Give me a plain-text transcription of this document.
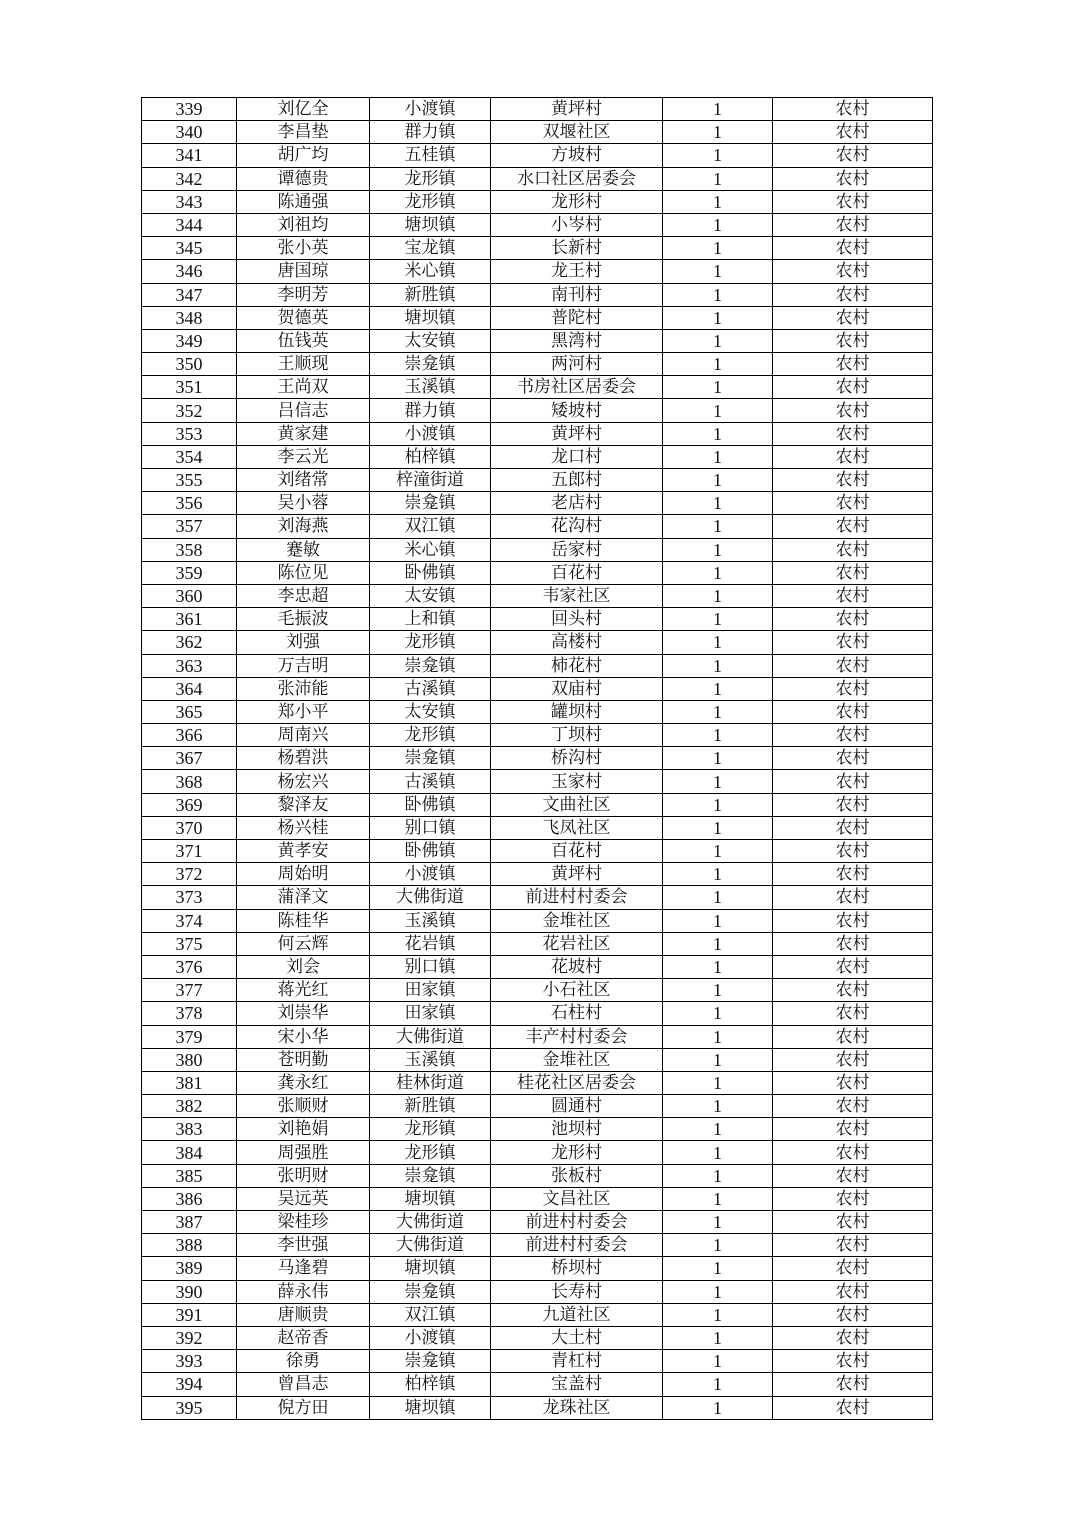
339	刘亿全	小渡镇	黄坪村	1	农村
340	李昌垫	群力镇	双堰社区	1	农村
341	胡广均	五桂镇	方坡村	1	农村
342	谭德贵	龙形镇	水口社区居委会	1	农村
343	陈通强	龙形镇	龙形村	1	农村
344	刘祖均	塘坝镇	小岑村	1	农村
345	张小英	宝龙镇	长新村	1	农村
346	唐国琼	米心镇	龙王村	1	农村
347	李明芳	新胜镇	南刊村	1	农村
348	贺德英	塘坝镇	普陀村	1	农村
349	伍钱英	太安镇	黑湾村	1	农村
350	王顺现	崇龛镇	两河村	1	农村
351	王尚双	玉溪镇	书房社区居委会	1	农村
352	吕信志	群力镇	矮坡村	1	农村
353	黄家建	小渡镇	黄坪村	1	农村
354	李云光	柏梓镇	龙口村	1	农村
355	刘绪常	梓潼街道	五郎村	1	农村
356	吴小蓉	崇龛镇	老店村	1	农村
357	刘海燕	双江镇	花沟村	1	农村
358	蹇敏	米心镇	岳家村	1	农村
359	陈位见	卧佛镇	百花村	1	农村
360	李忠超	太安镇	韦家社区	1	农村
361	毛振波	上和镇	回头村	1	农村
362	刘强	龙形镇	高楼村	1	农村
363	万吉明	崇龛镇	柿花村	1	农村
364	张沛能	古溪镇	双庙村	1	农村
365	郑小平	太安镇	罐坝村	1	农村
366	周南兴	龙形镇	丁坝村	1	农村
367	杨碧洪	崇龛镇	桥沟村	1	农村
368	杨宏兴	古溪镇	玉家村	1	农村
369	黎泽友	卧佛镇	文曲社区	1	农村
370	杨兴桂	别口镇	飞凤社区	1	农村
371	黄孝安	卧佛镇	百花村	1	农村
372	周始明	小渡镇	黄坪村	1	农村
373	蒲泽文	大佛街道	前进村村委会	1	农村
374	陈桂华	玉溪镇	金堆社区	1	农村
375	何云辉	花岩镇	花岩社区	1	农村
376	刘会	别口镇	花坡村	1	农村
377	蒋光红	田家镇	小石社区	1	农村
378	刘崇华	田家镇	石柱村	1	农村
379	宋小华	大佛街道	丰产村村委会	1	农村
380	苍明勤	玉溪镇	金堆社区	1	农村
381	龚永红	桂林街道	桂花社区居委会	1	农村
382	张顺财	新胜镇	圆通村	1	农村
383	刘艳娟	龙形镇	池坝村	1	农村
384	周强胜	龙形镇	龙形村	1	农村
385	张明财	崇龛镇	张板村	1	农村
386	吴远英	塘坝镇	文昌社区	1	农村
387	梁桂珍	大佛街道	前进村村委会	1	农村
388	李世强	大佛街道	前进村村委会	1	农村
389	马逢碧	塘坝镇	桥坝村	1	农村
390	薛永伟	崇龛镇	长寿村	1	农村
391	唐顺贵	双江镇	九道社区	1	农村
392	赵帝香	小渡镇	大土村	1	农村
393	徐勇	崇龛镇	青杠村	1	农村
394	曾昌志	柏梓镇	宝盖村	1	农村
395	倪方田	塘坝镇	龙珠社区	1	农村
